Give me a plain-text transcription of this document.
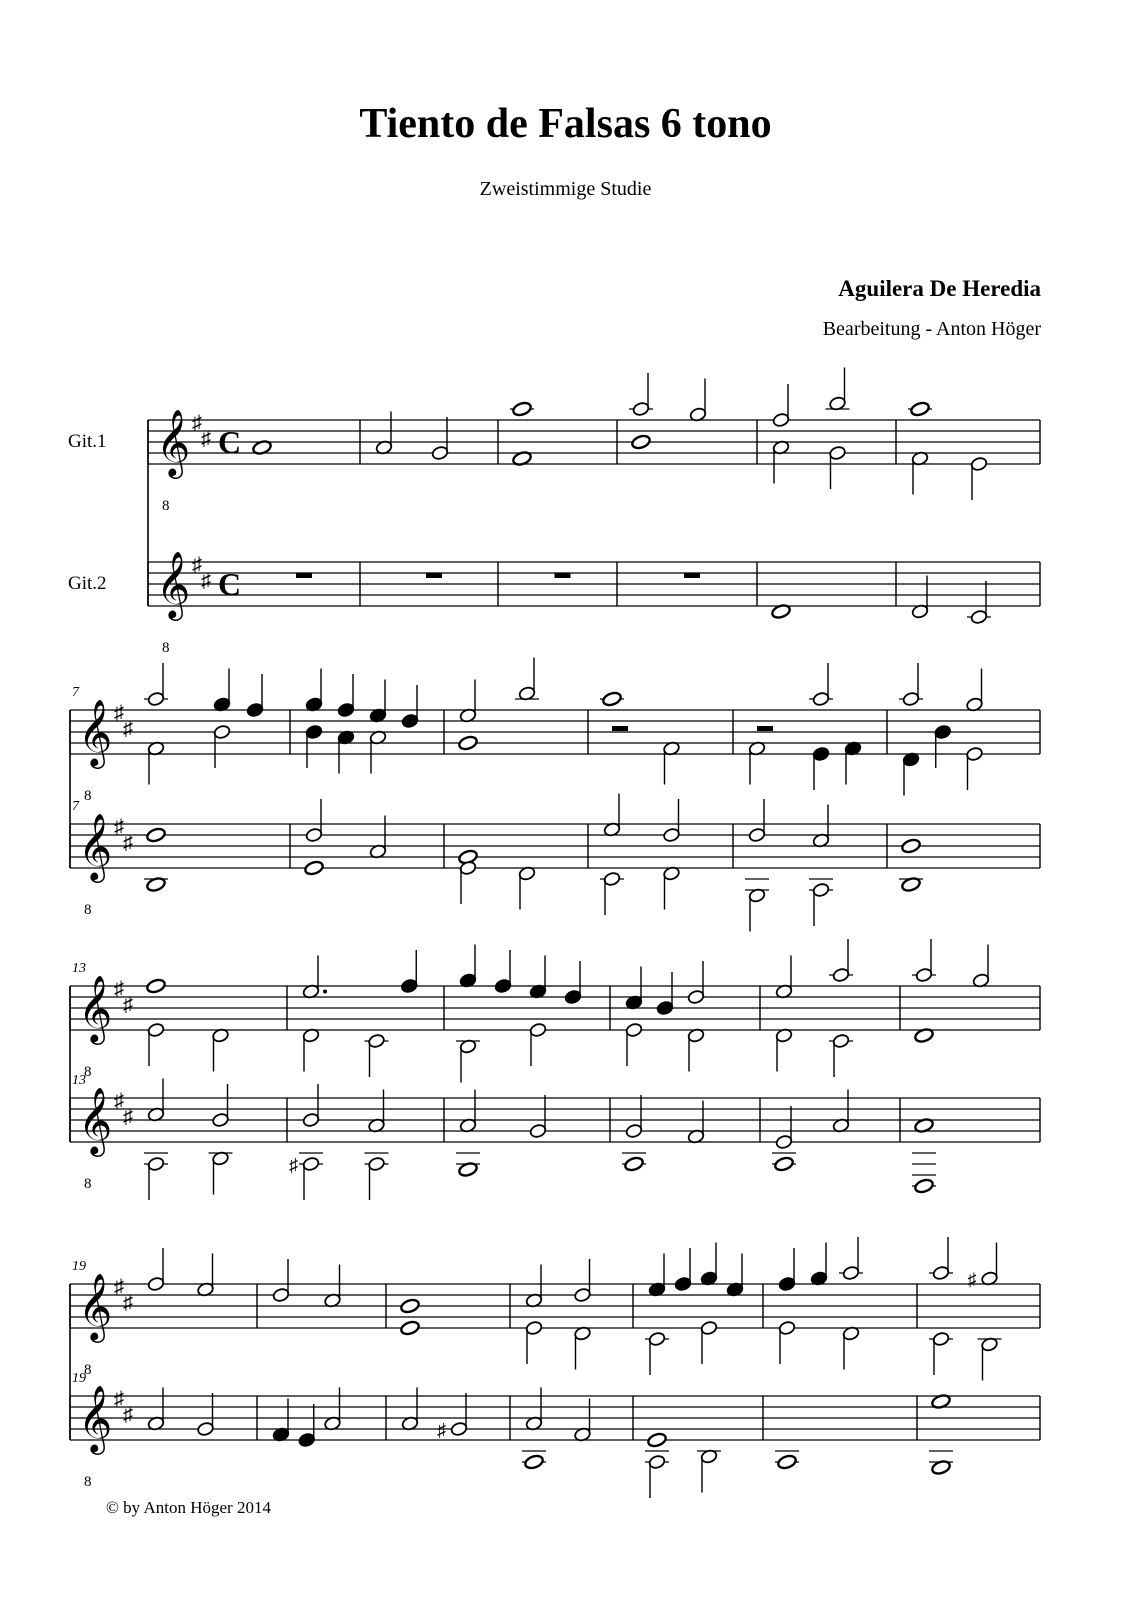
Tiento de Falsas 6 tono
Zweistimmige Studie
Aguilera De Heredia
Bearbeitung - Anton Höger
𝄞
8
♯
♯ C
Git.1
𝄞
8
♯
♯ C
Git.2
𝄞
8
♯
♯
7
𝄞
8
♯
♯
7
𝄞
8
♯
♯
13
𝄞
8
♯
♯
13
♯
𝄞
8
♯
♯
19
♯
𝄞
8
♯
♯
19
♯
© by Anton Höger 2014
